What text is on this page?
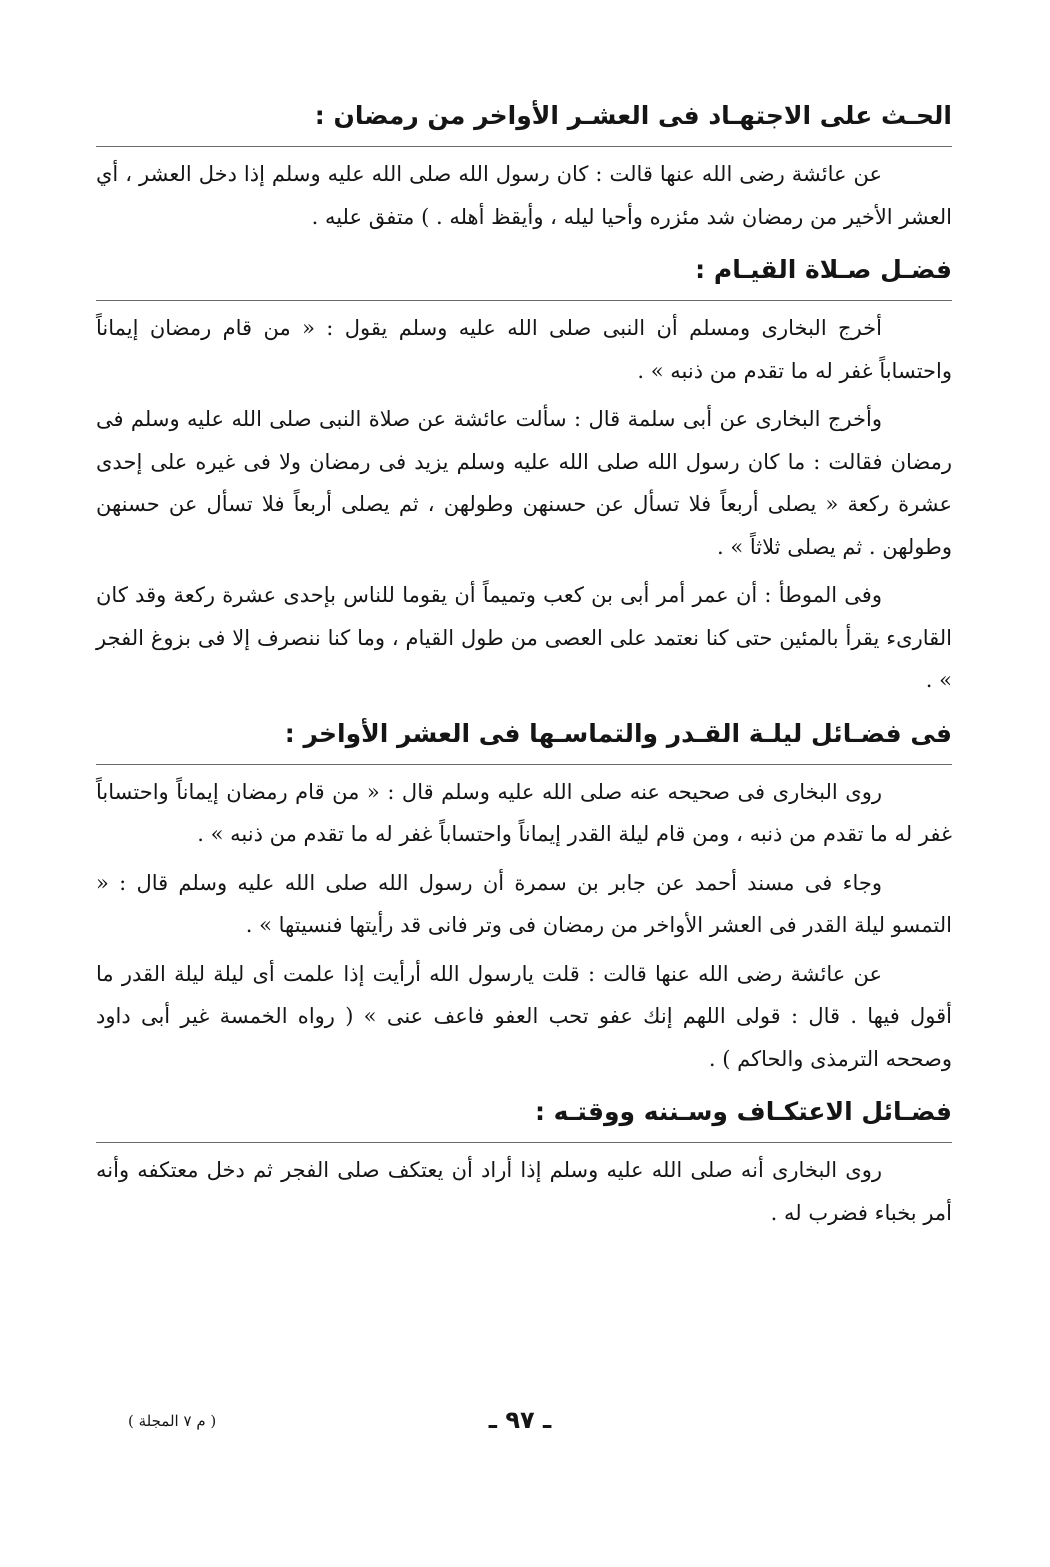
الحـث على الاجتهـاد فى العشـر الأواخر من رمضان :

عن عائشة رضى الله عنها قالت : كان رسول الله صلى الله عليه وسلم إذا دخل العشر ، أي العشر الأخير من رمضان شد مئزره وأحيا ليله ، وأيقظ أهله . ) متفق عليه .

فضـل صـلاة القيـام :

أخرج البخارى ومسلم أن النبى صلى الله عليه وسلم يقول : « من قام رمضان إيماناً واحتساباً غفر له ما تقدم من ذنبه » .

وأخرج البخارى عن أبى سلمة قال : سألت عائشة عن صلاة النبى صلى الله عليه وسلم فى رمضان فقالت : ما كان رسول الله صلى الله عليه وسلم يزيد فى رمضان ولا فى غيره على إحدى عشرة ركعة « يصلى أربعاً فلا تسأل عن حسنهن وطولهن ، ثم يصلى أربعاً فلا تسأل عن حسنهن وطولهن . ثم يصلى ثلاثاً » .

وفى الموطأ : أن عمر أمر أبى بن كعب وتميماً أن يقوما للناس بإحدى عشرة ركعة وقد كان القارىء يقرأ بالمئين حتى كنا نعتمد على العصى من طول القيام ، وما كنا ننصرف إلا فى بزوغ الفجر » .

فى فضـائل ليلـة القـدر والتماسـها فى العشر الأواخر :

روى البخارى فى صحيحه عنه صلى الله عليه وسلم قال : « من قام رمضان إيماناً واحتساباً غفر له ما تقدم من ذنبه ، ومن قام ليلة القدر إيماناً واحتساباً غفر له ما تقدم من ذنبه » .

وجاء فى مسند أحمد عن جابر بن سمرة أن رسول الله صلى الله عليه وسلم قال : « التمسو ليلة القدر فى العشر الأواخر من رمضان فى وتر فانى قد رأيتها فنسيتها » .

عن عائشة رضى الله عنها قالت : قلت يارسول الله أرأيت إذا علمت أى ليلة ليلة القدر ما أقول فيها . قال : قولى اللهم إنك عفو تحب العفو فاعف عنى » ( رواه الخمسة غير أبى داود وصححه الترمذى والحاكم ) .

فضـائل الاعتكـاف وسـننه ووقتـه :

روى البخارى أنه صلى الله عليه وسلم إذا أراد أن يعتكف صلى الفجر ثم دخل معتكفه وأنه أمر بخباء فضرب له .

ـ ٩٧ ـ
( م ٧ المجلة )
